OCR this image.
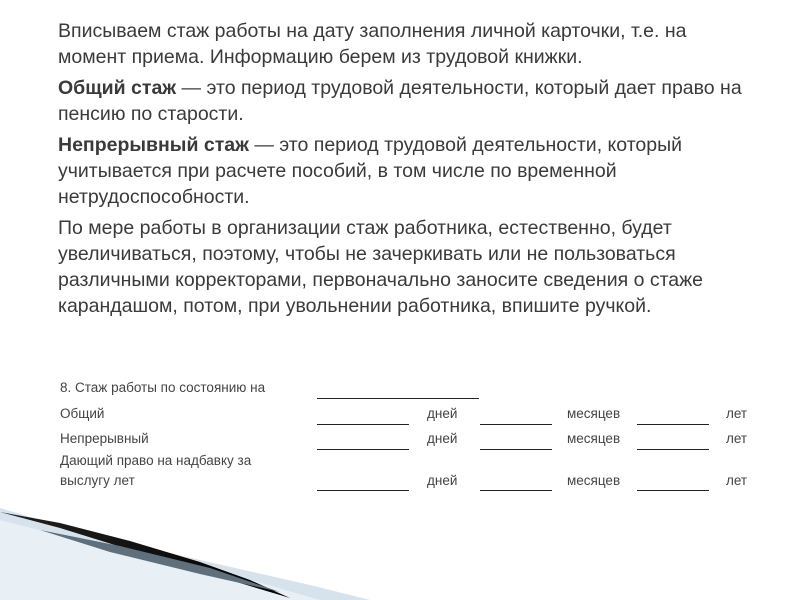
Вписываем стаж работы на дату заполнения личной карточки, т.е. на момент приема. Информацию берем из трудовой книжки.

Общий стаж — это период трудовой деятельности, который дает право на пенсию по старости.

Непрерывный стаж — это период трудовой деятельности, который учитывается при расчете пособий, в том числе по временной нетрудоспособности.

По мере работы в организации стаж работника, естественно, будет увеличиваться, поэтому, чтобы не зачеркивать или не пользоваться различными корректорами, первоначально заносите сведения о стаже карандашом, потом, при увольнении работника, впишите ручкой.

8. Стаж работы по состоянию на
Общий	дней	месяцев	лет
Непрерывный	дней	месяцев	лет
Дающий право на надбавку за
выслугу лет	дней	месяцев	лет
